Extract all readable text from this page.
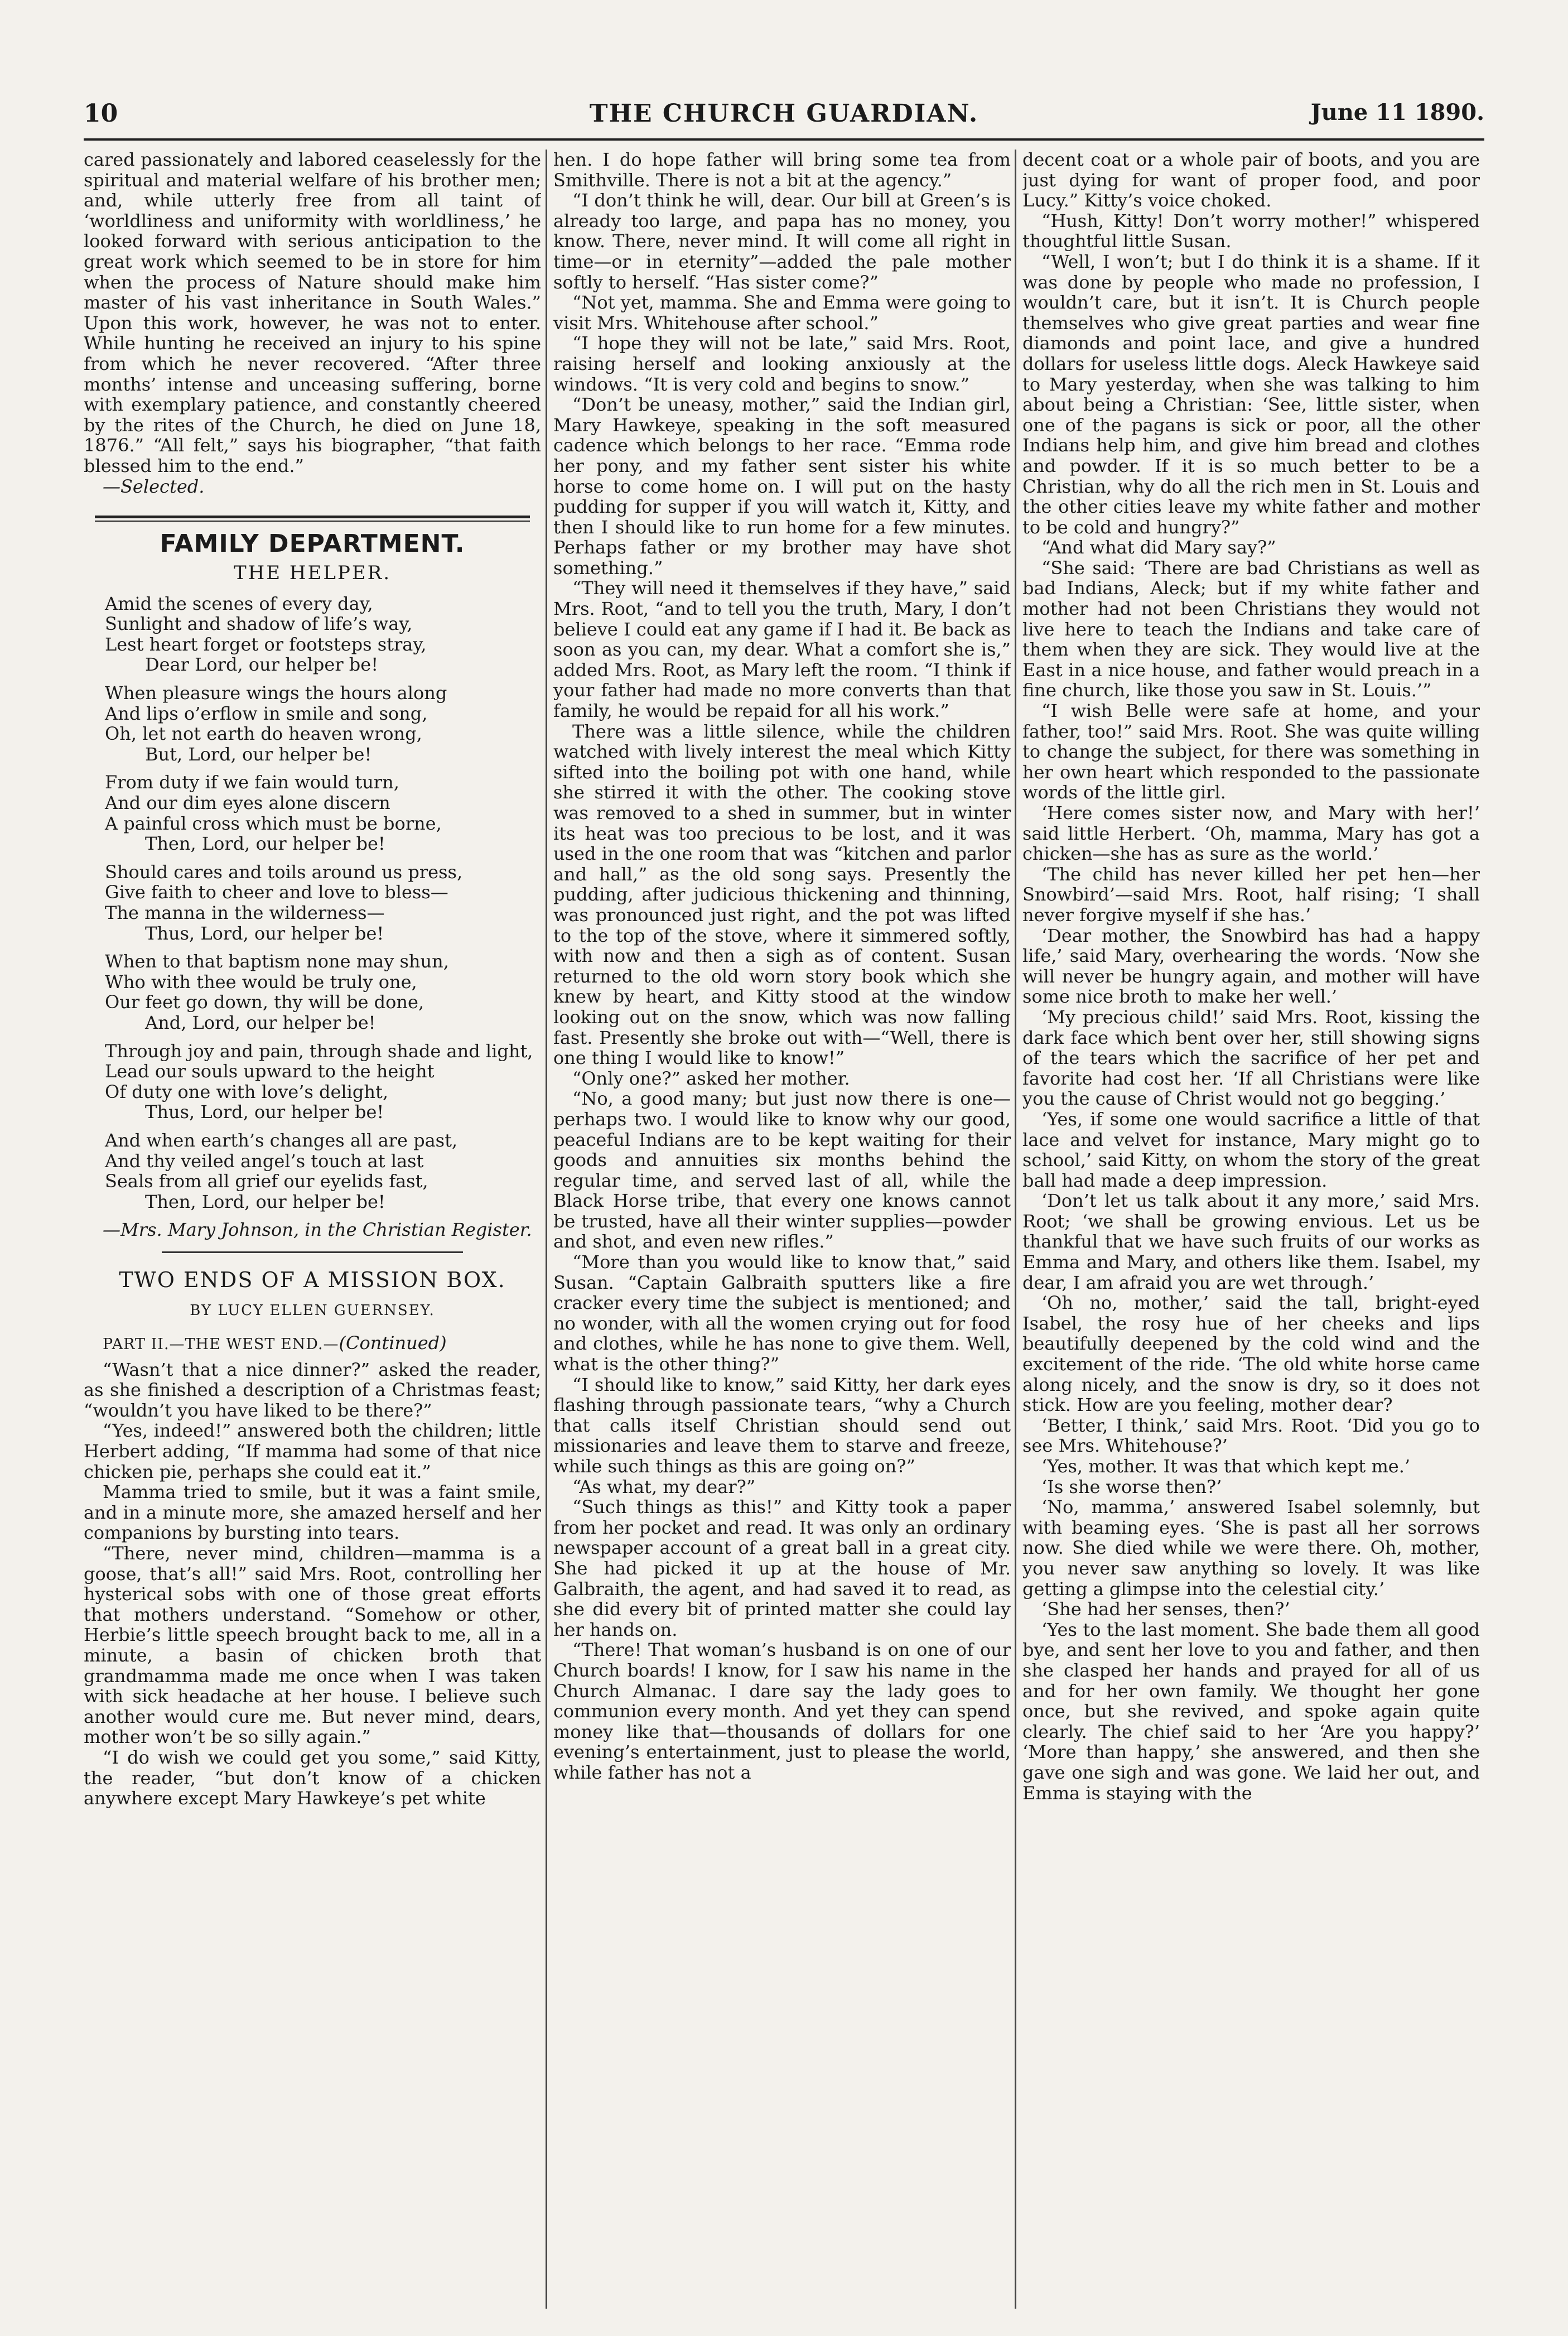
10	THE CHURCH GUARDIAN.	June 11 1890.

cared passionately and labored ceaselessly for the spiritual and material welfare of his brother men; and, while utterly free from all taint of ‘worldliness and uniformity with worldliness,’ he looked forward with serious anticipation to the great work which seemed to be in store for him when the process of Nature should make him master of his vast inheritance in South Wales.” Upon this work, however, he was not to enter. While hunting he received an injury to his spine from which he never recovered. “After three months’ intense and unceasing suffering, borne with exemplary patience, and constantly cheered by the rites of the Church, he died on June 18, 1876.” “All felt,” says his biographer, “that faith blessed him to the end.”

—Selected.

FAMILY DEPARTMENT.
THE HELPER.
Amid the scenes of every day,
Sunlight and shadow of life’s way,
Lest heart forget or footsteps stray,
Dear Lord, our helper be!
When pleasure wings the hours along
And lips o’erflow in smile and song,
Oh, let not earth do heaven wrong,
But, Lord, our helper be!
From duty if we fain would turn,
And our dim eyes alone discern
A painful cross which must be borne,
Then, Lord, our helper be!
Should cares and toils around us press,
Give faith to cheer and love to bless—
The manna in the wilderness—
Thus, Lord, our helper be!
When to that baptism none may shun,
Who with thee would be truly one,
Our feet go down, thy will be done,
And, Lord, our helper be!
Through joy and pain, through shade and light,
Lead our souls upward to the height
Of duty one with love’s delight,
Thus, Lord, our helper be!
And when earth’s changes all are past,
And thy veiled angel’s touch at last
Seals from all grief our eyelids fast,
Then, Lord, our helper be!

—Mrs. Mary Johnson, in the Christian Register.

TWO ENDS OF A MISSION BOX.
BY LUCY ELLEN GUERNSEY.
PART II.—THE WEST END.—(Continued)

“Wasn’t that a nice dinner?” asked the reader, as she finished a description of a Christmas feast; “wouldn’t you have liked to be there?”

“Yes, indeed!” answered both the children; little Herbert adding, “If mamma had some of that nice chicken pie, perhaps she could eat it.”

Mamma tried to smile, but it was a faint smile, and in a minute more, she amazed herself and her companions by bursting into tears.

“There, never mind, children—mamma is a goose, that’s all!” said Mrs. Root, controlling her hysterical sobs with one of those great efforts that mothers understand. “Somehow or other, Herbie’s little speech brought back to me, all in a minute, a basin of chicken broth that grandmamma made me once when I was taken with sick headache at her house. I believe such another would cure me. But never mind, dears, mother won’t be so silly again.”

“I do wish we could get you some,” said Kitty, the reader, “but don’t know of a chicken anywhere except Mary Hawkeye’s pet white

hen. I do hope father will bring some tea from Smithville. There is not a bit at the agency.”

“I don’t think he will, dear. Our bill at Green’s is already too large, and papa has no money, you know. There, never mind. It will come all right in time—or in eternity”—added the pale mother softly to herself. “Has sister come?”

“Not yet, mamma. She and Emma were going to visit Mrs. Whitehouse after school.”

“I hope they will not be late,” said Mrs. Root, raising herself and looking anxiously at the windows. “It is very cold and begins to snow.”

“Don’t be uneasy, mother,” said the Indian girl, Mary Hawkeye, speaking in the soft measured cadence which belongs to her race. “Emma rode her pony, and my father sent sister his white horse to come home on. I will put on the hasty pudding for supper if you will watch it, Kitty, and then I should like to run home for a few minutes. Perhaps father or my brother may have shot something.”

“They will need it themselves if they have,” said Mrs. Root, “and to tell you the truth, Mary, I don’t believe I could eat any game if I had it. Be back as soon as you can, my dear. What a comfort she is,” added Mrs. Root, as Mary left the room. “I think if your father had made no more converts than that family, he would be repaid for all his work.”

There was a little silence, while the children watched with lively interest the meal which Kitty sifted into the boiling pot with one hand, while she stirred it with the other. The cooking stove was removed to a shed in summer, but in winter its heat was too precious to be lost, and it was used in the one room that was “kitchen and parlor and hall,” as the old song says. Presently the pudding, after judicious thickening and thinning, was pronounced just right, and the pot was lifted to the top of the stove, where it simmered softly, with now and then a sigh as of content. Susan returned to the old worn story book which she knew by heart, and Kitty stood at the window looking out on the snow, which was now falling fast. Presently she broke out with—“Well, there is one thing I would like to know!”

“Only one?” asked her mother.

“No, a good many; but just now there is one—perhaps two. I would like to know why our good, peaceful Indians are to be kept waiting for their goods and annuities six months behind the regular time, and served last of all, while the Black Horse tribe, that every one knows cannot be trusted, have all their winter supplies—powder and shot, and even new rifles.”

“More than you would like to know that,” said Susan. “Captain Galbraith sputters like a fire cracker every time the subject is mentioned; and no wonder, with all the women crying out for food and clothes, while he has none to give them. Well, what is the other thing?”

“I should like to know,” said Kitty, her dark eyes flashing through passionate tears, “why a Church that calls itself Christian should send out missionaries and leave them to starve and freeze, while such things as this are going on?”

“As what, my dear?”

“Such things as this!” and Kitty took a paper from her pocket and read. It was only an ordinary newspaper account of a great ball in a great city. She had picked it up at the house of Mr. Galbraith, the agent, and had saved it to read, as she did every bit of printed matter she could lay her hands on.

“There! That woman’s husband is on one of our Church boards! I know, for I saw his name in the Church Almanac. I dare say the lady goes to communion every month. And yet they can spend money like that—thousands of dollars for one evening’s entertainment, just to please the world, while father has not a

decent coat or a whole pair of boots, and you are just dying for want of proper food, and poor Lucy.” Kitty’s voice choked.

“Hush, Kitty! Don’t worry mother!” whispered thoughtful little Susan.

“Well, I won’t; but I do think it is a shame. If it was done by people who made no profession, I wouldn’t care, but it isn’t. It is Church people themselves who give great parties and wear fine diamonds and point lace, and give a hundred dollars for useless little dogs. Aleck Hawkeye said to Mary yesterday, when she was talking to him about being a Christian: ‘See, little sister, when one of the pagans is sick or poor, all the other Indians help him, and give him bread and clothes and powder. If it is so much better to be a Christian, why do all the rich men in St. Louis and the other cities leave my white father and mother to be cold and hungry?”

“And what did Mary say?”

“She said: ‘There are bad Christians as well as bad Indians, Aleck; but if my white father and mother had not been Christians they would not live here to teach the Indians and take care of them when they are sick. They would live at the East in a nice house, and father would preach in a fine church, like those you saw in St. Louis.’”

“I wish Belle were safe at home, and your father, too!” said Mrs. Root. She was quite willing to change the subject, for there was something in her own heart which responded to the passionate words of the little girl.

‘Here comes sister now, and Mary with her!’ said little Herbert. ‘Oh, mamma, Mary has got a chicken—she has as sure as the world.’

‘The child has never killed her pet hen—her Snowbird’—said Mrs. Root, half rising; ‘I shall never forgive myself if she has.’

‘Dear mother, the Snowbird has had a happy life,’ said Mary, overhearing the words. ‘Now she will never be hungry again, and mother will have some nice broth to make her well.’

‘My precious child!’ said Mrs. Root, kissing the dark face which bent over her, still showing signs of the tears which the sacrifice of her pet and favorite had cost her. ‘If all Christians were like you the cause of Christ would not go begging.’

‘Yes, if some one would sacrifice a little of that lace and velvet for instance, Mary might go to school,’ said Kitty, on whom the story of the great ball had made a deep impression.

‘Don’t let us talk about it any more,’ said Mrs. Root; ‘we shall be growing envious. Let us be thankful that we have such fruits of our works as Emma and Mary, and others like them. Isabel, my dear, I am afraid you are wet through.’

‘Oh no, mother,’ said the tall, bright-eyed Isabel, the rosy hue of her cheeks and lips beautifully deepened by the cold wind and the excitement of the ride. ‘The old white horse came along nicely, and the snow is dry, so it does not stick. How are you feeling, mother dear?

‘Better, I think,’ said Mrs. Root. ‘Did you go to see Mrs. Whitehouse?’

‘Yes, mother. It was that which kept me.’

‘Is she worse then?’

‘No, mamma,’ answered Isabel solemnly, but with beaming eyes. ‘She is past all her sorrows now. She died while we were there. Oh, mother, you never saw anything so lovely. It was like getting a glimpse into the celestial city.’

‘She had her senses, then?’

‘Yes to the last moment. She bade them all good bye, and sent her love to you and father, and then she clasped her hands and prayed for all of us and for her own family. We thought her gone once, but she revived, and spoke again quite clearly. The chief said to her ‘Are you happy?’ ‘More than happy,’ she answered, and then she gave one sigh and was gone. We laid her out, and Emma is staying with the
